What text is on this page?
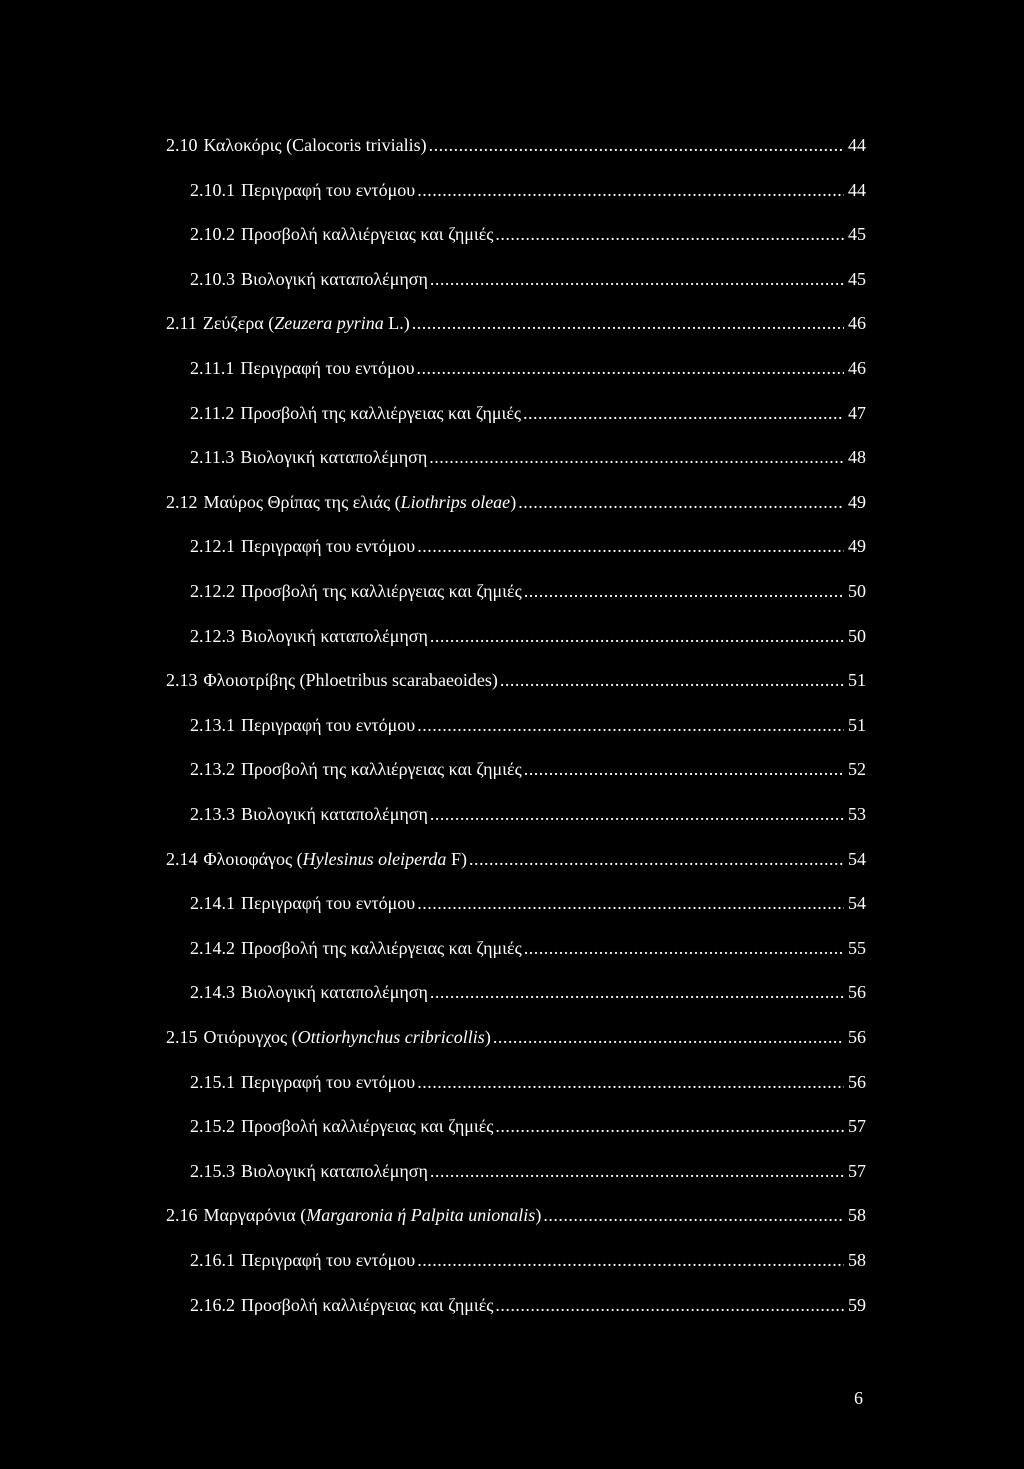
2.10 Καλοκόρις (Calocoris trivialis) .....	44
2.10.1 Περιγραφή του εντόμου .....	44
2.10.2 Προσβολή καλλιέργειας και ζημιές .....	45
2.10.3 Βιολογική καταπολέμηση .....	45
2.11 Ζεύζερα (Zeuzera pyrina L.) .....	46
2.11.1 Περιγραφή του εντόμου .....	46
2.11.2 Προσβολή της καλλιέργειας και ζημιές .....	47
2.11.3 Βιολογική καταπολέμηση .....	48
2.12 Μαύρος Θρίπας της ελιάς (Liothrips oleae) .....	49
2.12.1 Περιγραφή του εντόμου .....	49
2.12.2 Προσβολή της καλλιέργειας και ζημιές .....	50
2.12.3 Βιολογική καταπολέμηση .....	50
2.13 Φλοιοτρίβης (Phloetribus scarabaeoides) .....	51
2.13.1 Περιγραφή του εντόμου .....	51
2.13.2 Προσβολή της καλλιέργειας και ζημιές .....	52
2.13.3 Βιολογική καταπολέμηση .....	53
2.14 Φλοιοφάγος (Hylesinus oleiperda F) .....	54
2.14.1 Περιγραφή του εντόμου .....	54
2.14.2 Προσβολή της καλλιέργειας και ζημιές .....	55
2.14.3 Βιολογική καταπολέμηση .....	56
2.15 Οτιόρυγχος (Ottiorhynchus cribricollis) .....	56
2.15.1 Περιγραφή του εντόμου .....	56
2.15.2 Προσβολή καλλιέργειας και ζημιές .....	57
2.15.3 Βιολογική καταπολέμηση .....	57
2.16 Μαργαρόνια (Margaronia ή Palpita unionalis) .....	58
2.16.1 Περιγραφή του εντόμου .....	58
2.16.2 Προσβολή καλλιέργειας και ζημιές .....	59
6
